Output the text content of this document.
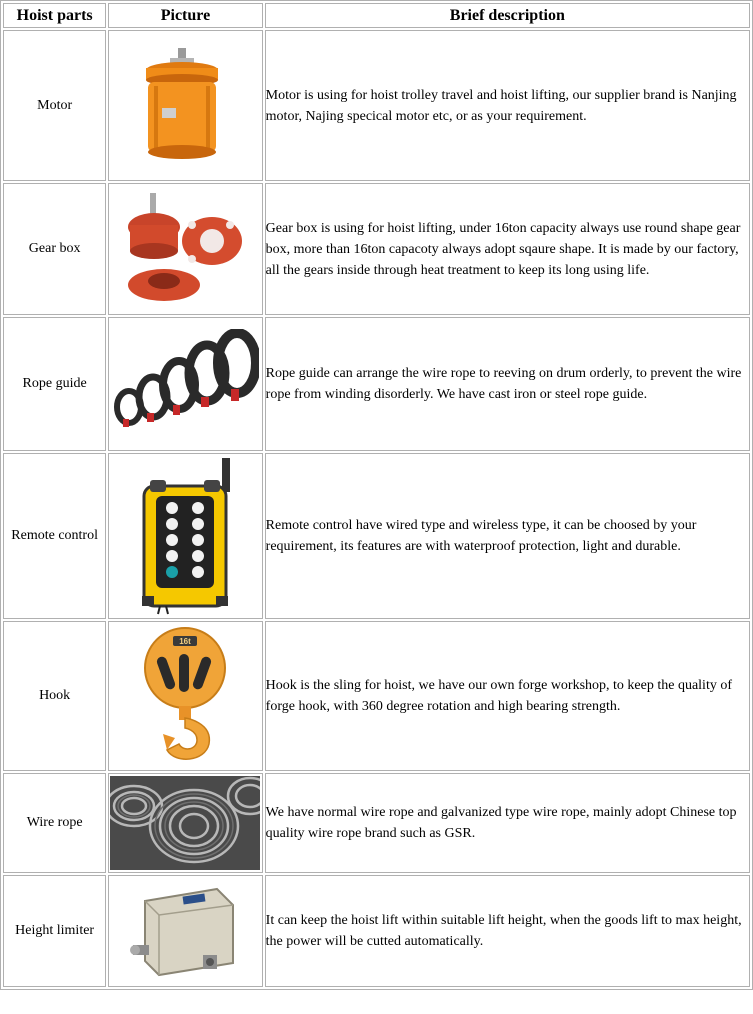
Hoist parts	Picture	Brief description
Motor		Motor is using for hoist trolley travel and hoist lifting, our supplier brand is Nanjing motor, Najing specical motor etc, or as your requirement.
Gear box		Gear box is using for hoist lifting, under 16ton capacity always use round shape gear box, more than 16ton capacoty always adopt sqaure shape. It is made by our factory, all the gears inside through heat treatment to keep its long using life.
Rope guide		Rope guide can arrange the wire rope to reeving on drum orderly, to prevent the wire rope from winding disorderly. We have cast iron or steel rope guide.
Remote control		Remote control have wired type and wireless type, it can be choosed by your requirement, its features are with waterproof protection, light and durable.
Hook	16t	Hook is the sling for hoist, we have our own forge workshop, to keep the quality of forge hook, with 360 degree rotation and high bearing strength.
Wire rope		We have normal wire rope and galvanized type wire rope, mainly adopt Chinese top quality wire rope brand such as GSR.
Height limiter		It can keep the hoist lift within suitable lift height, when the goods lift to max height, the power will be cutted automatically.
